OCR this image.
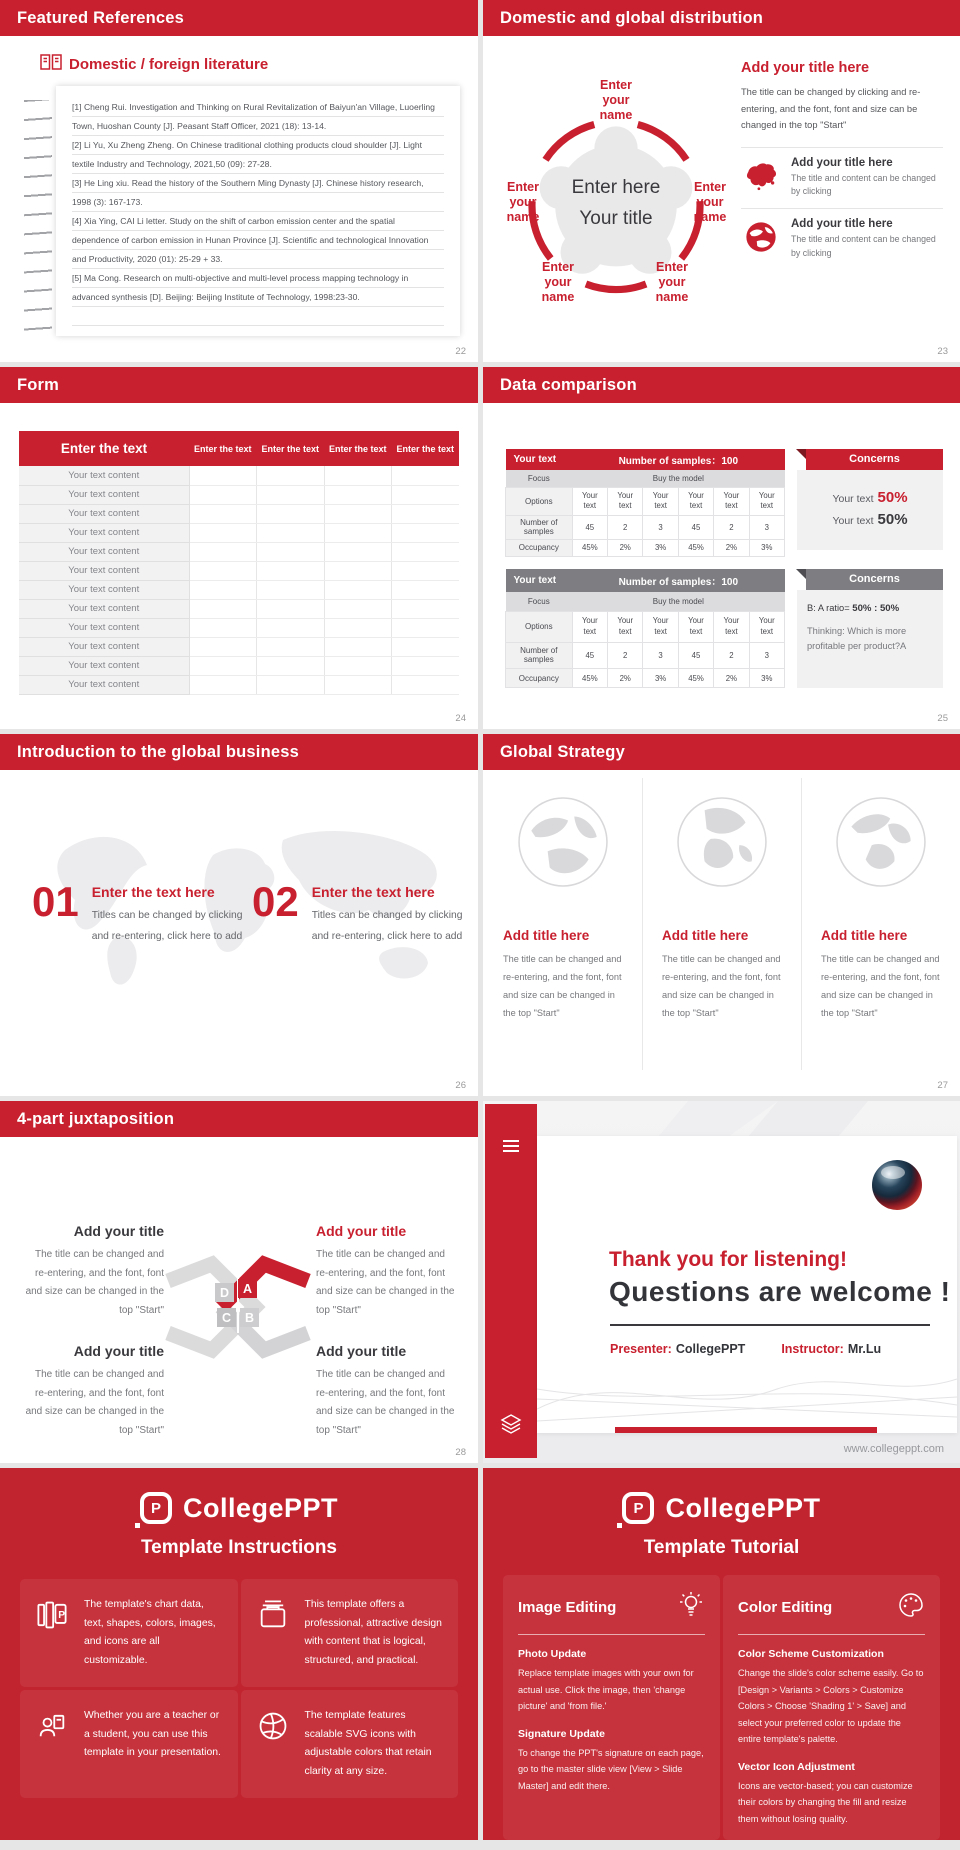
Featured References
Domestic / foreign literature

[1] Cheng Rui. Investigation and Thinking on Rural Revitalization of Baiyun'an Village, Luoerling Town, Huoshan County [J]. Peasant Staff Officer, 2021 (18): 13-14.

[2] Li Yu, Xu Zheng Zheng. On Chinese traditional clothing products cloud shoulder [J]. Light textile Industry and Technology, 2021,50 (09): 27-28.

[3] He Ling xiu. Read the history of the Southern Ming Dynasty [J]. Chinese history research, 1998 (3): 167-173.

[4] Xia Ying, CAI Li letter. Study on the shift of carbon emission center and the spatial dependence of carbon emission in Hunan Province [J]. Scientific and technological Innovation and Productivity, 2020 (01): 25-29 + 33.

[5] Ma Cong. Research on multi-objective and multi-level process mapping technology in advanced synthesis [D]. Beijing: Beijing Institute of Technology, 1998:23-30.

22
Domestic and global distribution
Enter your name
Enter your name
Enter your name
Enter your name
Enter your name
Enter here
Your title
Add your title here
The title can be changed by clicking and re-entering, and the font, font and size can be changed in the top "Start"
Add your title here
The title and content can be changed by clicking
Add your title here
The title and content can be changed by clicking
23
Form
Enter the text	Enter the text	Enter the text	Enter the text	Enter the text
Your text content				
Your text content				
Your text content				
Your text content				
Your text content				
Your text content				
Your text content				
Your text content				
Your text content				
Your text content				
Your text content				
Your text content				
24
Data comparison
Your text	Number of samples：100					
Focus	Buy the model					
Options	Your text	Your text	Your text	Your text	Your text	Your text
Number of samples	45	2	3	45	2	3
Occupancy	45%	2%	3%	45%	2%	3%
Concerns
Your text 50%
Your text 50%
Your text	Number of samples：100					
Focus	Buy the model					
Options	Your text	Your text	Your text	Your text	Your text	Your text
Number of samples	45	2	3	45	2	3
Occupancy	45%	2%	3%	45%	2%	3%
Concerns
B: A ratio= 50% : 50%
Thinking: Which is more profitable per product?A
25
Introduction to the global business
01 Enter the text here
Titles can be changed by clicking and re-entering, click here to add
02 Enter the text here
Titles can be changed by clicking and re-entering, click here to add
26
Global Strategy
Add title here
The title can be changed and re-entering, and the font, font and size can be changed in the top "Start"
Add title here
The title can be changed and re-entering, and the font, font and size can be changed in the top "Start"
Add title here
The title can be changed and re-entering, and the font, font and size can be changed in the top "Start"
27
4-part juxtaposition
Add your title
The title can be changed and re-entering, and the font, font and size can be changed in the top "Start"
Add your title
The title can be changed and re-entering, and the font, font and size can be changed in the top "Start"
Add your title
The title can be changed and re-entering, and the font, font and size can be changed in the top "Start"
Add your title
The title can be changed and re-entering, and the font, font and size can be changed in the top "Start"
D	A
C	B
28
Thank you for listening!
Questions are welcome !
Presenter: CollegePPT	Instructor: Mr.Lu
www.collegeppt.com
P CollegePPT
Template Instructions
P
The template's chart data, text, shapes, colors, images, and icons are all customizable.
This template offers a professional, attractive design with content that is logical, structured, and practical.
Whether you are a teacher or a student, you can use this template in your presentation.
The template features scalable SVG icons with adjustable colors that retain clarity at any size.
P CollegePPT
Template Tutorial
Image Editing
Photo Update
Replace template images with your own for actual use. Click the image, then 'change picture' and 'from file.'
Signature Update
To change the PPT's signature on each page, go to the master slide view [View > Slide Master] and edit there.
Color Editing
Color Scheme Customization
Change the slide's color scheme easily. Go to [Design > Variants > Colors > Customize Colors > Choose 'Shading 1' > Save] and select your preferred color to update the entire template's palette.
Vector Icon Adjustment
Icons are vector-based; you can customize their colors by changing the fill and resize them without losing quality.
